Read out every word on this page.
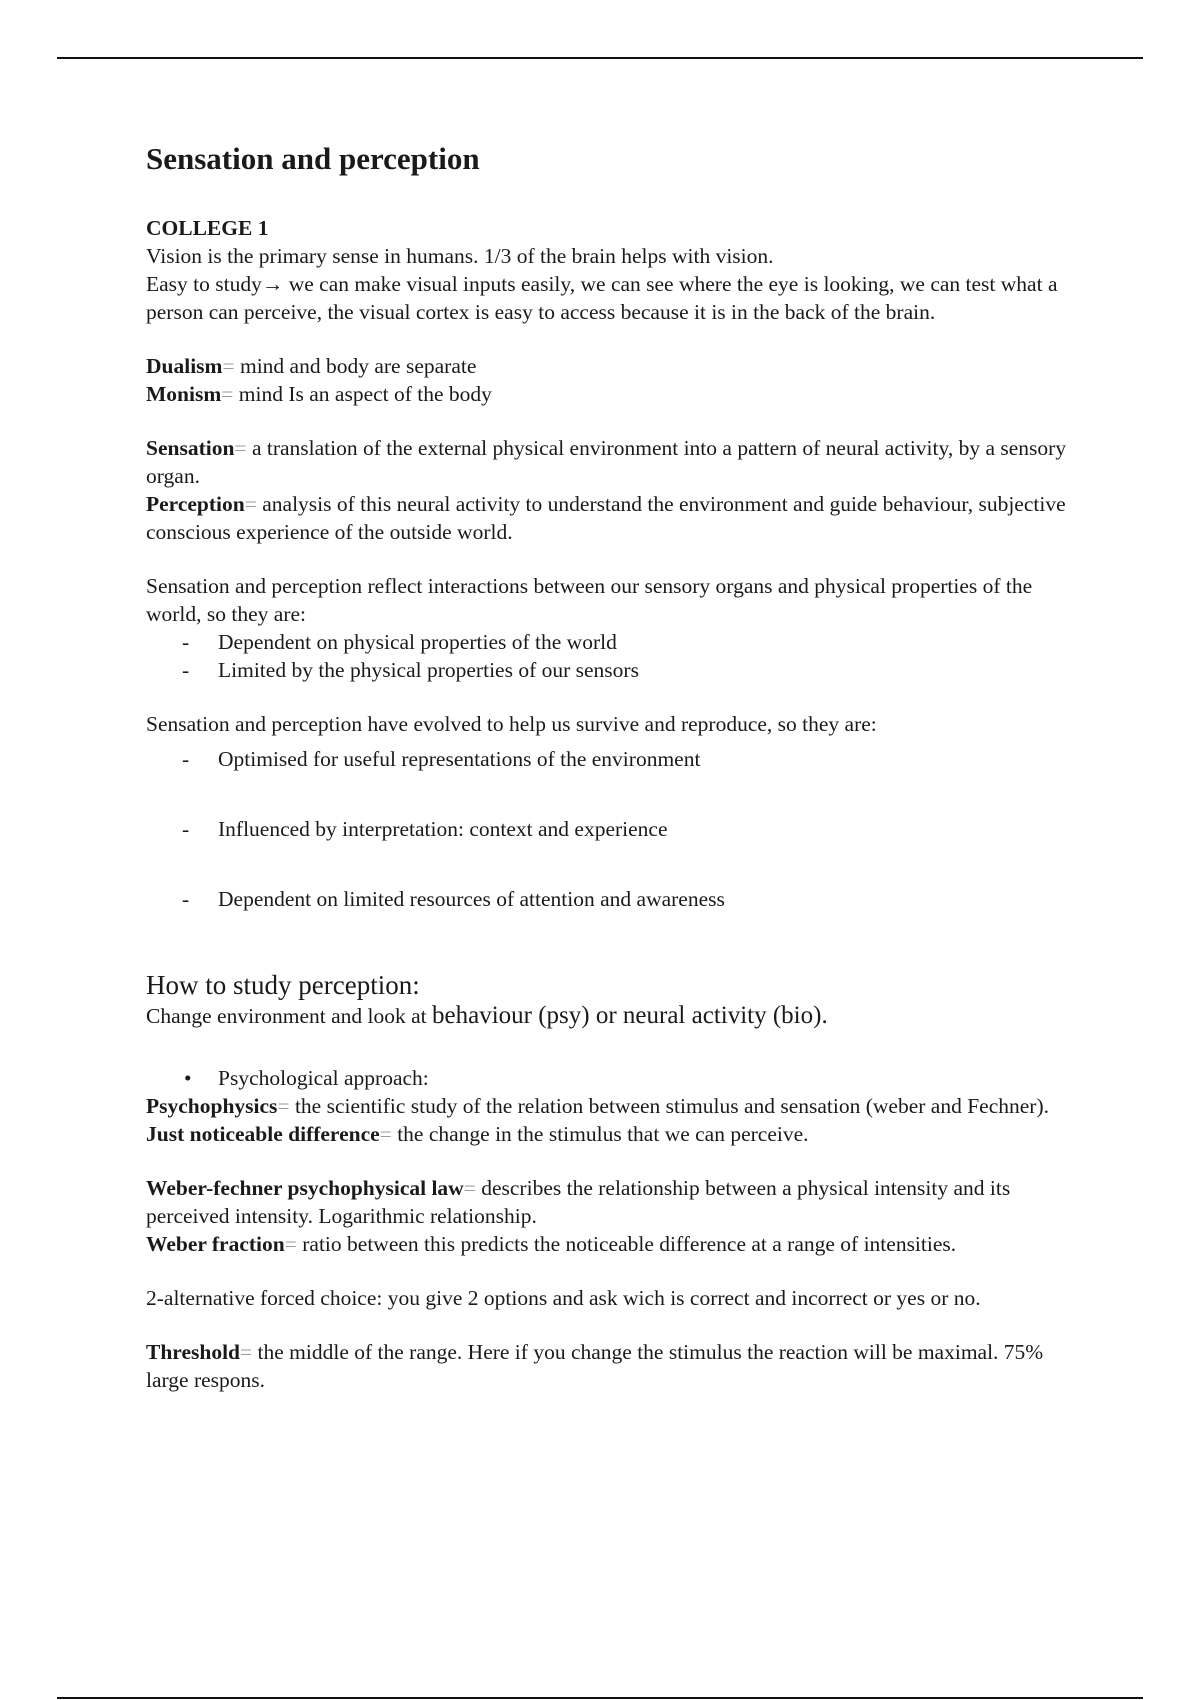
Sensation and perception

COLLEGE 1

Vision is the primary sense in humans. 1/3 of the brain helps with vision.

Easy to study→ we can make visual inputs easily, we can see where the eye is looking, we can test what a person can perceive, the visual cortex is easy to access because it is in the back of the brain.

Dualism= mind and body are separate

Monism= mind Is an aspect of the body

Sensation= a translation of the external physical environment into a pattern of neural activity, by a sensory organ.

Perception= analysis of this neural activity to understand the environment and guide behaviour, subjective conscious experience of the outside world.

Sensation and perception reflect interactions between our sensory organs and physical properties of the world, so they are:

- Dependent on physical properties of the world
- Limited by the physical properties of our sensors

Sensation and perception have evolved to help us survive and reproduce, so they are:

- Optimised for useful representations of the environment
- Influenced by interpretation: context and experience
- Dependent on limited resources of attention and awareness

How to study perception:

Change environment and look at behaviour (psy) or neural activity (bio).

• Psychological approach:

Psychophysics= the scientific study of the relation between stimulus and sensation (weber and Fechner).

Just noticeable difference= the change in the stimulus that we can perceive.

Weber-fechner psychophysical law= describes the relationship between a physical intensity and its perceived intensity. Logarithmic relationship.

Weber fraction= ratio between this predicts the noticeable difference at a range of intensities.

2-alternative forced choice: you give 2 options and ask wich is correct and incorrect or yes or no.

Threshold= the middle of the range. Here if you change the stimulus the reaction will be maximal. 75% large respons.
